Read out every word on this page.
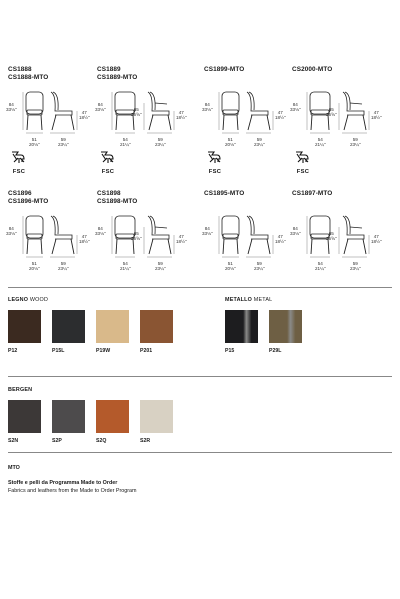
CS1888
CS1888-MTO
84
33⅛"
47
18½"
51
20⅛"
59
23¼"
CS1889
CS1889-MTO
84
33⅛"	65
25⅝"	47
18½"
54
21¼"
59
23¼"
CS1899-MTO
84
33⅛"
47
18½"
51
20⅛"
59
23¼"
CS2000-MTO
84
33⅛"	65
25⅝"	47
18½"
54
21¼"
59
23¼"
CS1896
CS1896-MTO
84
33⅛"
47
18½"
51
20⅛"
59
23¼"
CS1898
CS1898-MTO
84
33⅛"	65
25⅝"	47
18½"
54
21¼"
59
23¼"
CS1895-MTO
84
33⅛"
47
18½"
51
20⅛"
59
23¼"
CS1897-MTO
84
33⅛"	65
25⅝"	47
18½"
54
21¼"
59
23¼"
LEGNO WOOD
P12	P15L	P19W	P201
METALLO METAL
P15	P29L
BERGEN
S2N	S2P	S2Q	S2R
MTO
Stoffe e pelli da Programma Made to Order
Fabrics and leathers from the Made to Order Program
FSC	FSC	FSC	FSC
